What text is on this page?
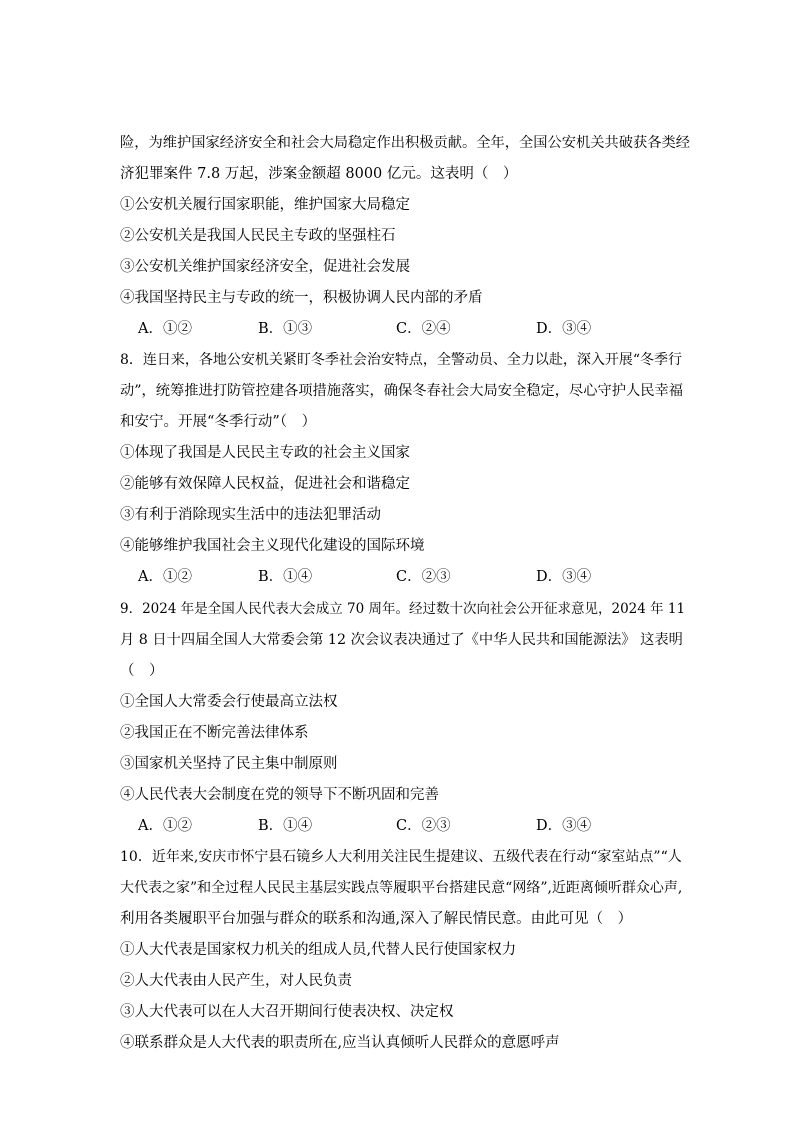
险，为维护国家经济安全和社会大局稳定作出积极贡献。全年，全国公安机关共破获各类经
济犯罪案件 7.8 万起，涉案金额超 8000 亿元。这表明（　）
①公安机关履行国家职能，维护国家大局稳定
②公安机关是我国人民民主专政的坚强柱石
③公安机关维护国家经济安全，促进社会发展
④我国坚持民主与专政的统一，积极协调人民内部的矛盾
A．①②	B．①③	C．②④	D．③④
8．连日来，各地公安机关紧盯冬季社会治安特点，全警动员、全力以赴，深入开展“冬季行
动”，统筹推进打防管控建各项措施落实，确保冬春社会大局安全稳定，尽心守护人民幸福
和安宁。开展“冬季行动”（　）
①体现了我国是人民民主专政的社会主义国家
②能够有效保障人民权益，促进社会和谐稳定
③有利于消除现实生活中的违法犯罪活动
④能够维护我国社会主义现代化建设的国际环境
A．①②	B．①④	C．②③	D．③④
9．2024 年是全国人民代表大会成立 70 周年。经过数十次向社会公开征求意见，2024 年 11
月 8 日十四届全国人大常委会第 12 次会议表决通过了《中华人民共和国能源法》 这表明
（　）
①全国人大常委会行使最高立法权
②我国正在不断完善法律体系
③国家机关坚持了民主集中制原则
④人民代表大会制度在党的领导下不断巩固和完善
A．①②	B．①④	C．②③	D．③④
10．近年来,安庆市怀宁县石镜乡人大利用关注民生提建议、五级代表在行动“家室站点”“人
大代表之家”和全过程人民民主基层实践点等履职平台搭建民意“网络”,近距离倾听群众心声,
利用各类履职平台加强与群众的联系和沟通,深入了解民情民意。由此可见（　）
①人大代表是国家权力机关的组成人员,代替人民行使国家权力
②人大代表由人民产生，对人民负责
③人大代表可以在人大召开期间行使表决权、决定权
④联系群众是人大代表的职责所在,应当认真倾听人民群众的意愿呼声
